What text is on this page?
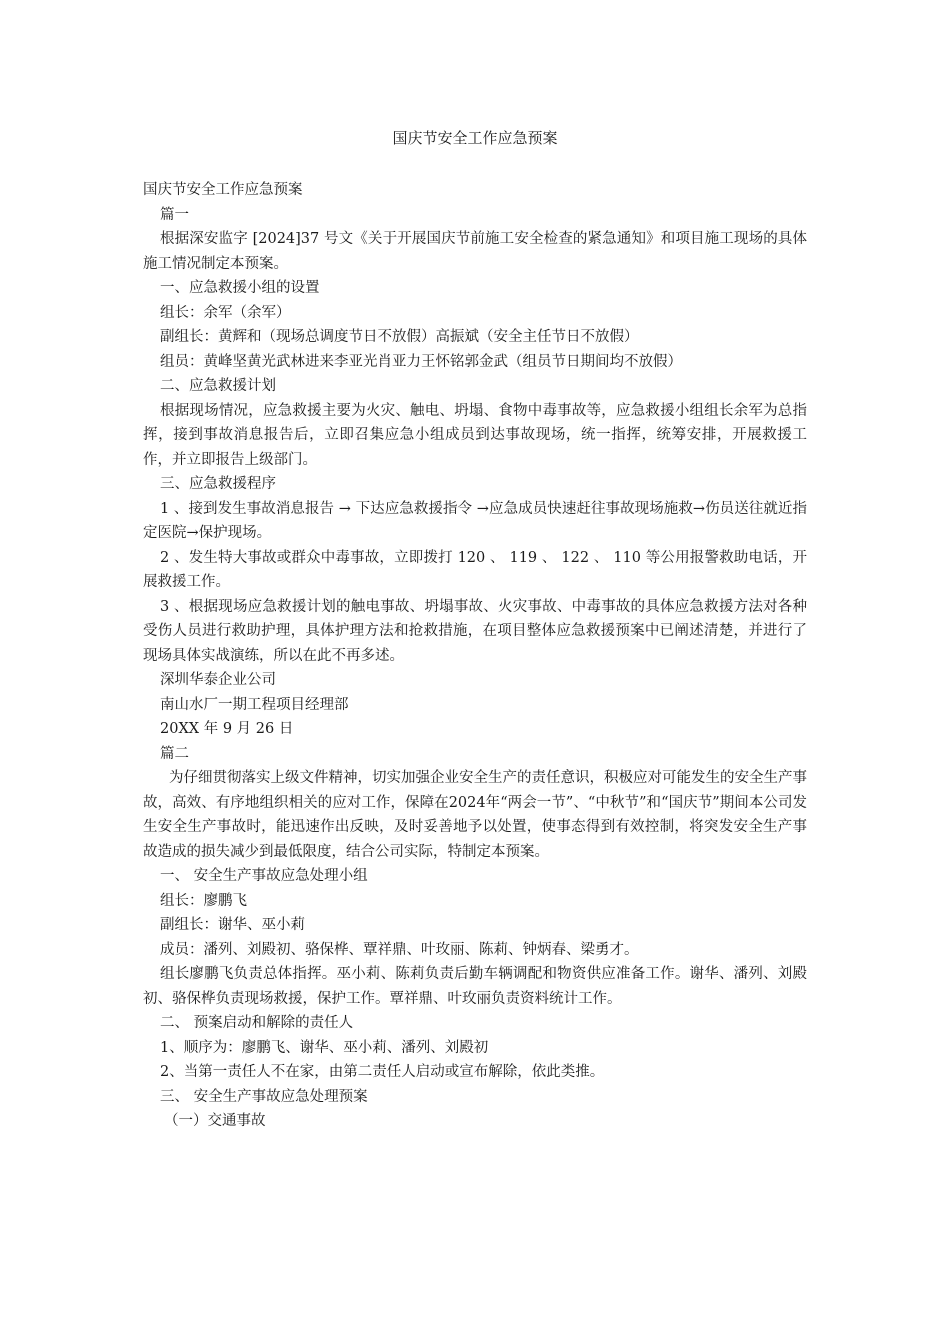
国庆节安全工作应急预案

国庆节安全工作应急预案

篇一

根据深安监字 [2024]37 号文《关于开展国庆节前施工安全检查的紧急通知》和项目施工现场的具体施工情况制定本预案。

一、应急救援小组的设置

组长：余军（余军）

副组长：黄辉和（现场总调度节日不放假）高振斌（安全主任节日不放假）

组员：黄峰坚黄光武林进来李亚光肖亚力王怀铭郭金武（组员节日期间均不放假）

二、应急救援计划

根据现场情况，应急救援主要为火灾、触电、坍塌、食物中毒事故等，应急救援小组组长余军为总指挥，接到事故消息报告后，立即召集应急小组成员到达事故现场，统一指挥，统筹安排，开展救援工作，并立即报告上级部门。

三、应急救援程序

1 、接到发生事故消息报告 → 下达应急救援指令 →应急成员快速赶往事故现场施救→伤员送往就近指定医院→保护现场。

2 、发生特大事故或群众中毒事故，立即拨打 120 、 119 、 122 、 110 等公用报警救助电话，开展救援工作。

3 、根据现场应急救援计划的触电事故、坍塌事故、火灾事故、中毒事故的具体应急救援方法对各种受伤人员进行救助护理，具体护理方法和抢救措施，在项目整体应急救援预案中已阐述清楚，并进行了现场具体实战演练，所以在此不再多述。

深圳华泰企业公司

南山水厂一期工程项目经理部

20XX 年 9 月 26 日

篇二

为仔细贯彻落实上级文件精神，切实加强企业安全生产的责任意识，积极应对可能发生的安全生产事故，高效、有序地组织相关的应对工作，保障在2024年“两会一节”、“中秋节”和“国庆节”期间本公司发生安全生产事故时，能迅速作出反映，及时妥善地予以处置，使事态得到有效控制，将突发安全生产事故造成的损失减少到最低限度，结合公司实际，特制定本预案。

一、 安全生产事故应急处理小组

组长：廖鹏飞

副组长：谢华、巫小莉

成员：潘列、刘殿初、骆保桦、覃祥鼎、叶玫丽、陈莉、钟炳春、梁勇才。

组长廖鹏飞负责总体指挥。巫小莉、陈莉负责后勤车辆调配和物资供应准备工作。谢华、潘列、刘殿初、骆保桦负责现场救援，保护工作。覃祥鼎、叶玫丽负责资料统计工作。

二、 预案启动和解除的责任人

1、顺序为：廖鹏飞、谢华、巫小莉、潘列、刘殿初

2、当第一责任人不在家，由第二责任人启动或宣布解除，依此类推。

三、 安全生产事故应急处理预案

（一）交通事故
